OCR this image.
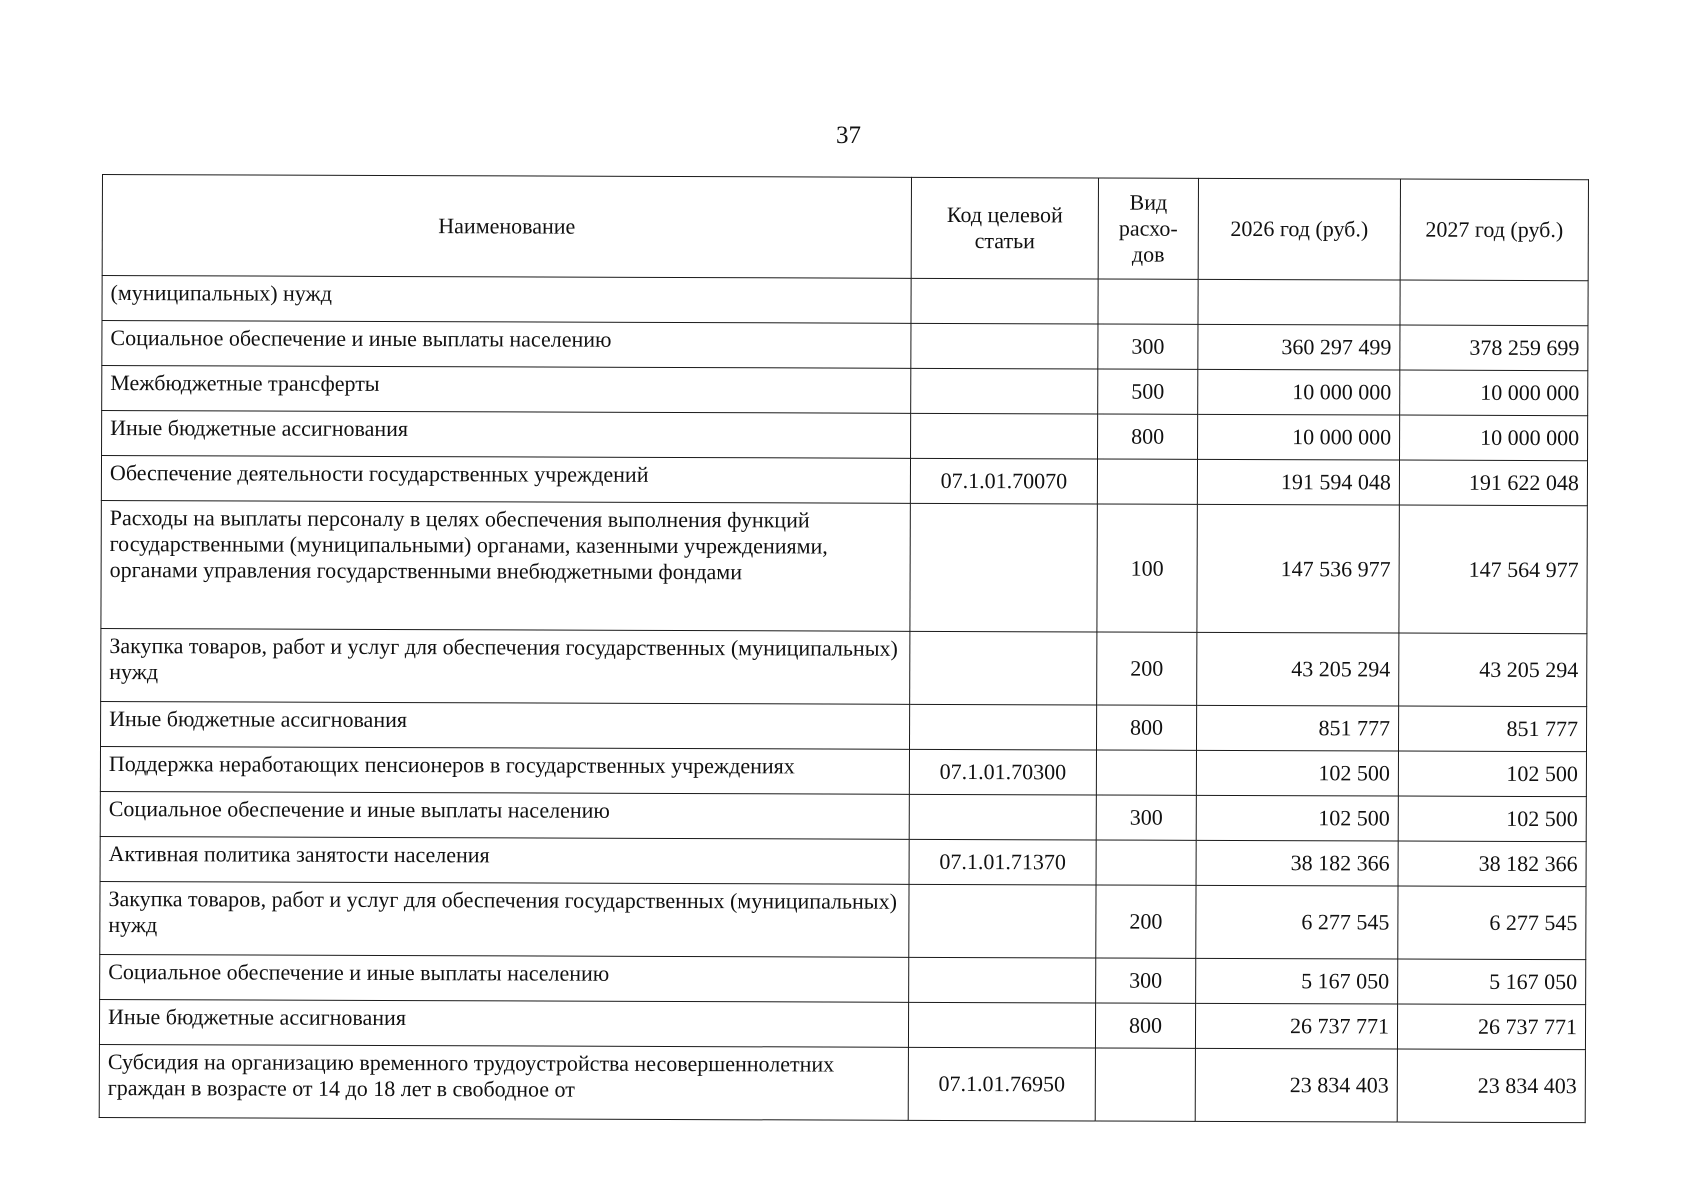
37
Наименование	Код целевой статьи	Вид расхо-дов	2026 год (руб.)	2027 год (руб.)
(муниципальных) нужд				
Социальное обеспечение и иные выплаты населению		300	360 297 499	378 259 699
Межбюджетные трансферты		500	10 000 000	10 000 000
Иные бюджетные ассигнования		800	10 000 000	10 000 000
Обеспечение деятельности государственных учреждений	07.1.01.70070		191 594 048	191 622 048
Расходы на выплаты персоналу в целях обеспечения выполнения функций государственными (муниципальными) органами, казенными учреждениями, органами управления государственными внебюджетными фондами		100	147 536 977	147 564 977
Закупка товаров, работ и услуг для обеспечения государственных (муниципальных) нужд		200	43 205 294	43 205 294
Иные бюджетные ассигнования		800	851 777	851 777
Поддержка неработающих пенсионеров в государственных учреждениях	07.1.01.70300		102 500	102 500
Социальное обеспечение и иные выплаты населению		300	102 500	102 500
Активная политика занятости населения	07.1.01.71370		38 182 366	38 182 366
Закупка товаров, работ и услуг для обеспечения государственных (муниципальных) нужд		200	6 277 545	6 277 545
Социальное обеспечение и иные выплаты населению		300	5 167 050	5 167 050
Иные бюджетные ассигнования		800	26 737 771	26 737 771
Субсидия на организацию временного трудоустройства несовершеннолетних граждан в возрасте от 14 до 18 лет в свободное от	07.1.01.76950		23 834 403	23 834 403
